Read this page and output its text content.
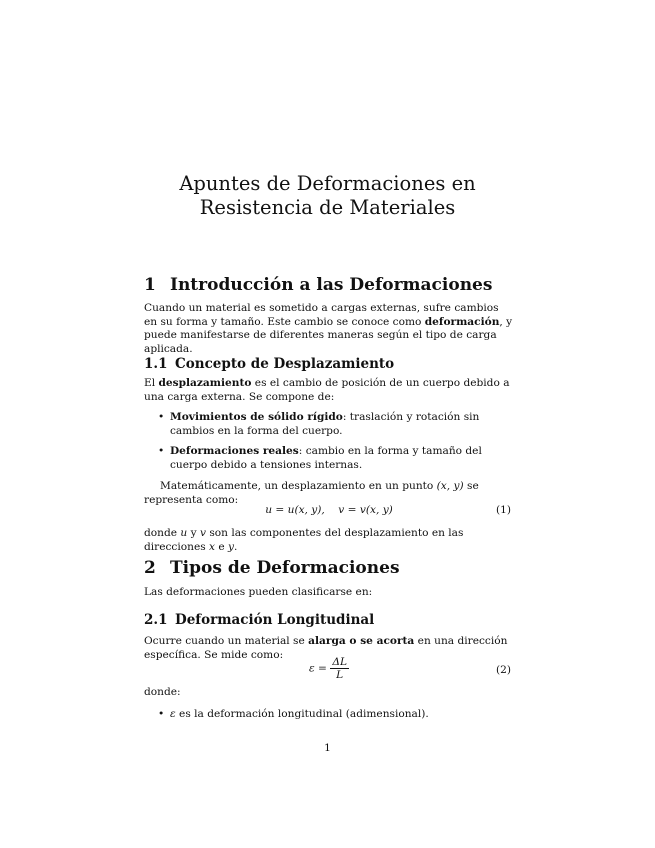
Apuntes de Deformaciones en Resistencia de Materiales
1 Introducción a las Deformaciones

Cuando un material es sometido a cargas externas, sufre cambios en su forma y tamaño. Este cambio se conoce como deformación, y puede manifestarse de diferentes maneras según el tipo de carga aplicada.

1.1 Concepto de Desplazamiento

El desplazamiento es el cambio de posición de un cuerpo debido a una carga externa. Se compone de:

• Movimientos de sólido rígido: traslación y rotación sin cambios en la forma del cuerpo.
• Deformaciones reales: cambio en la forma y tamaño del cuerpo debido a tensiones internas.

Matemáticamente, un desplazamiento en un punto (x, y) se representa como:

u = u(x, y), v = v(x, y)	(1)

donde u y v son las componentes del desplazamiento en las direcciones x e y.

2 Tipos de Deformaciones

Las deformaciones pueden clasificarse en:

2.1 Deformación Longitudinal

Ocurre cuando un material se alarga o se acorta en una dirección específica. Se mide como:

$\varepsilon = \frac{\Delta L}{L}$	(2)

donde:

• ε es la deformación longitudinal (adimensional).
1
